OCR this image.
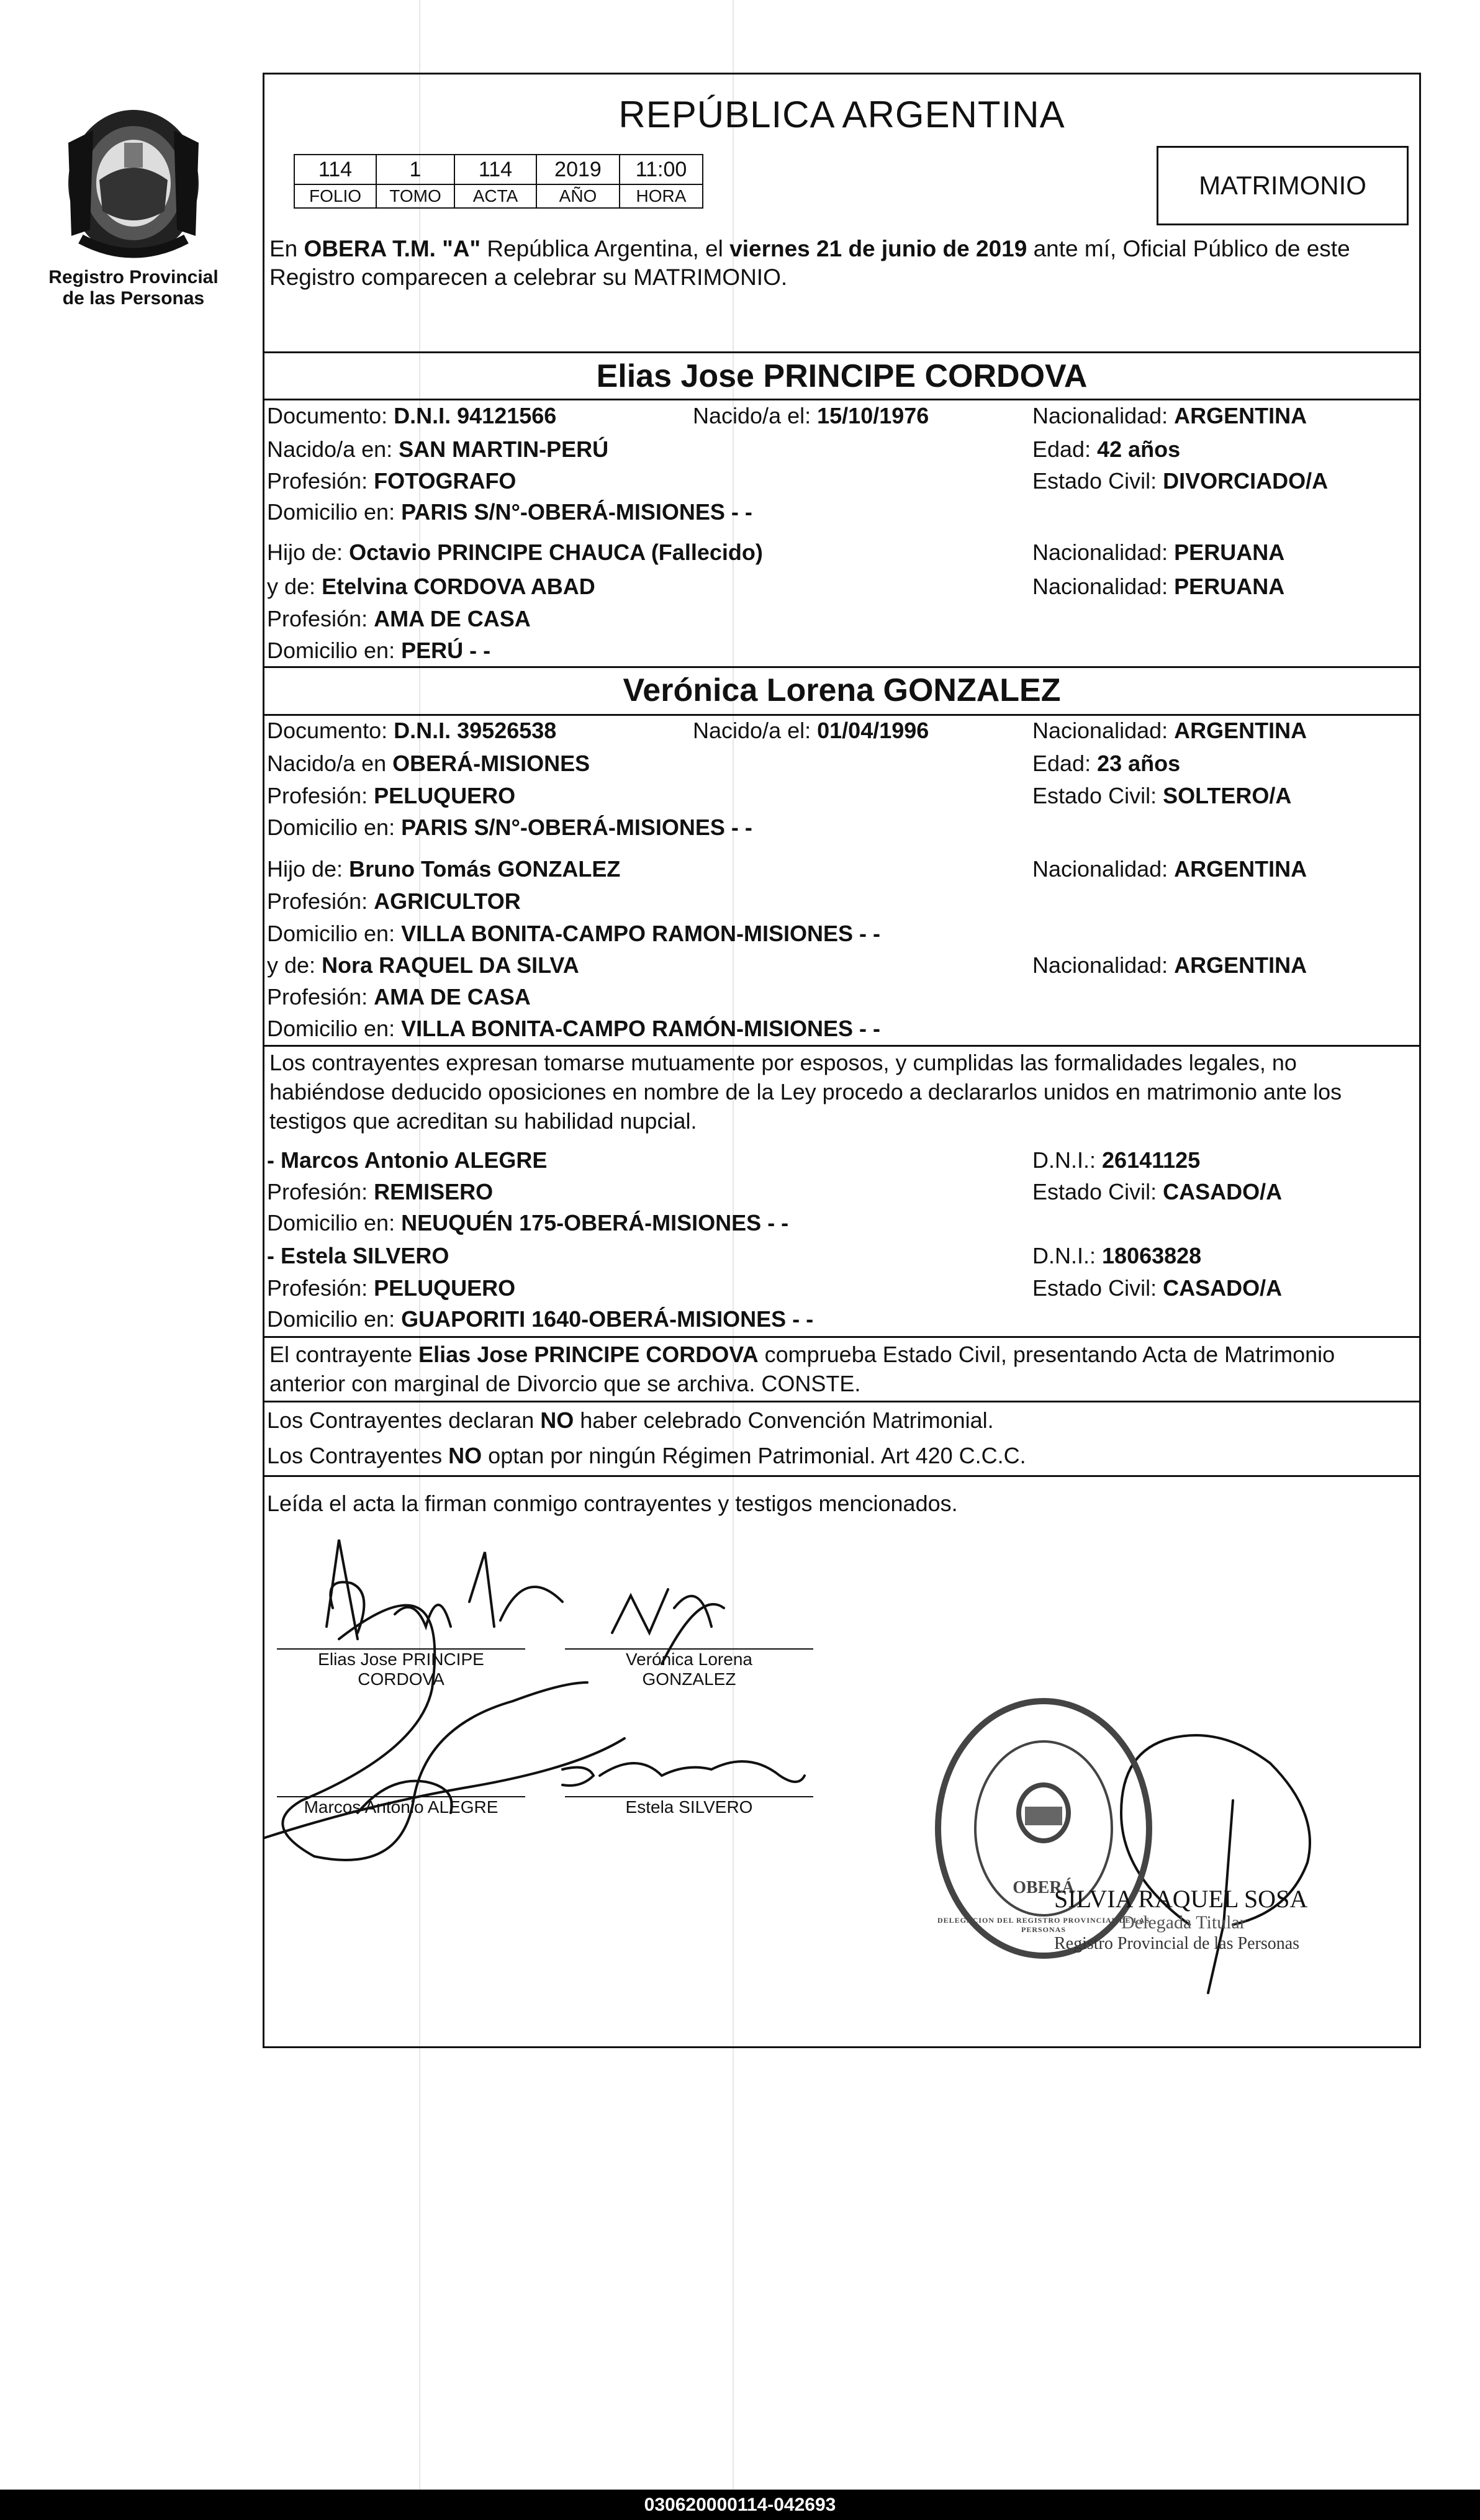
Registro Provincial
de las Personas
REPÚBLICA ARGENTINA
114	1	114	2019	11:00
FOLIO	TOMO	ACTA	AÑO	HORA	MATRIMONIO
En OBERA T.M. "A" República Argentina, el viernes 21 de junio de 2019 ante mí, Oficial Público de este Registro comparecen a celebrar su MATRIMONIO.
Elias Jose PRINCIPE CORDOVA
Documento: D.N.I. 94121566	Nacido/a el: 15/10/1976	Nacionalidad: ARGENTINA
Nacido/a en: SAN MARTIN-PERÚ	Edad: 42 años
Profesión: FOTOGRAFO	Estado Civil: DIVORCIADO/A
Domicilio en: PARIS S/N°-OBERÁ-MISIONES - -
Hijo de: Octavio PRINCIPE CHAUCA (Fallecido)	Nacionalidad: PERUANA
y de: Etelvina CORDOVA ABAD	Nacionalidad: PERUANA
Profesión: AMA DE CASA
Domicilio en: PERÚ - -
Verónica Lorena GONZALEZ
Documento: D.N.I. 39526538	Nacido/a el: 01/04/1996	Nacionalidad: ARGENTINA
Nacido/a en OBERÁ-MISIONES	Edad: 23 años
Profesión: PELUQUERO	Estado Civil: SOLTERO/A
Domicilio en: PARIS S/N°-OBERÁ-MISIONES - -
Hijo de: Bruno Tomás GONZALEZ	Nacionalidad: ARGENTINA
Profesión: AGRICULTOR
Domicilio en: VILLA BONITA-CAMPO RAMON-MISIONES - -
y de: Nora RAQUEL DA SILVA	Nacionalidad: ARGENTINA
Profesión: AMA DE CASA
Domicilio en: VILLA BONITA-CAMPO RAMÓN-MISIONES - -
Los contrayentes expresan tomarse mutuamente por esposos, y cumplidas las formalidades legales, no habiéndose deducido oposiciones en nombre de la Ley procedo a declararlos unidos en matrimonio ante los testigos que acreditan su habilidad nupcial.
- Marcos Antonio ALEGRE	D.N.I.: 26141125
Profesión: REMISERO	Estado Civil: CASADO/A
Domicilio en: NEUQUÉN 175-OBERÁ-MISIONES - -
- Estela SILVERO	D.N.I.: 18063828
Profesión: PELUQUERO	Estado Civil: CASADO/A
Domicilio en: GUAPORITI 1640-OBERÁ-MISIONES - -
El contrayente Elias Jose PRINCIPE CORDOVA comprueba Estado Civil, presentando Acta de Matrimonio anterior con marginal de Divorcio que se archiva. CONSTE.
Los Contrayentes declaran NO haber celebrado Convención Matrimonial.
Los Contrayentes NO optan por ningún Régimen Patrimonial. Art 420 C.C.C.
Leída el acta la firman conmigo contrayentes y testigos mencionados.
Elias Jose PRINCIPE
CORDOVA
Verónica Lorena
GONZALEZ
Marcos Antonio ALEGRE	Estela SILVERO
OBERÁ
DELEGACION DEL REGISTRO PROVINCIAL DE LAS PERSONAS
SILVIA RAQUEL SOSA
Delegada Titular
Registro Provincial de las Personas
030620000114-042693
